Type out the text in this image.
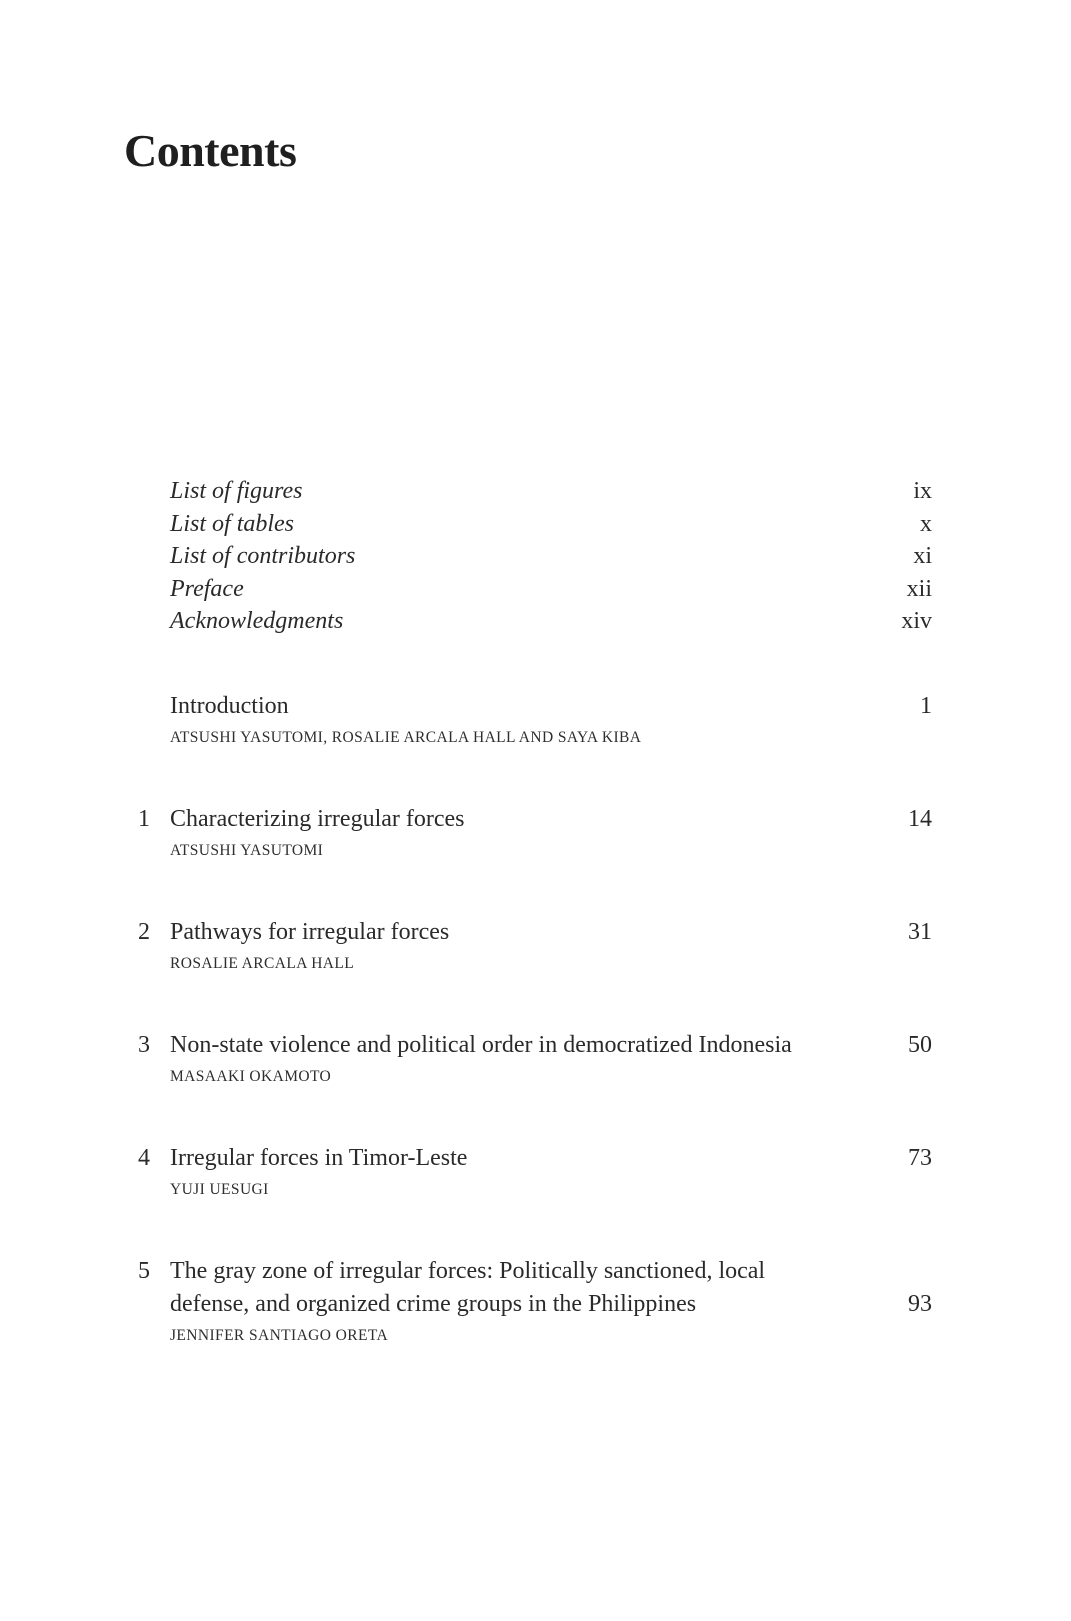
Contents
List of figures	ix
List of tables	x
List of contributors	xi
Preface	xii
Acknowledgments	xiv
Introduction	1
ATSUSHI YASUTOMI, ROSALIE ARCALA HALL AND SAYA KIBA
1 Characterizing irregular forces	14
ATSUSHI YASUTOMI
2 Pathways for irregular forces	31
ROSALIE ARCALA HALL
3 Non-state violence and political order in democratized Indonesia	50
MASAAKI OKAMOTO
4 Irregular forces in Timor-Leste	73
YUJI UESUGI
5 The gray zone of irregular forces: Politically sanctioned, local defense, and organized crime groups in the Philippines	93
JENNIFER SANTIAGO ORETA
